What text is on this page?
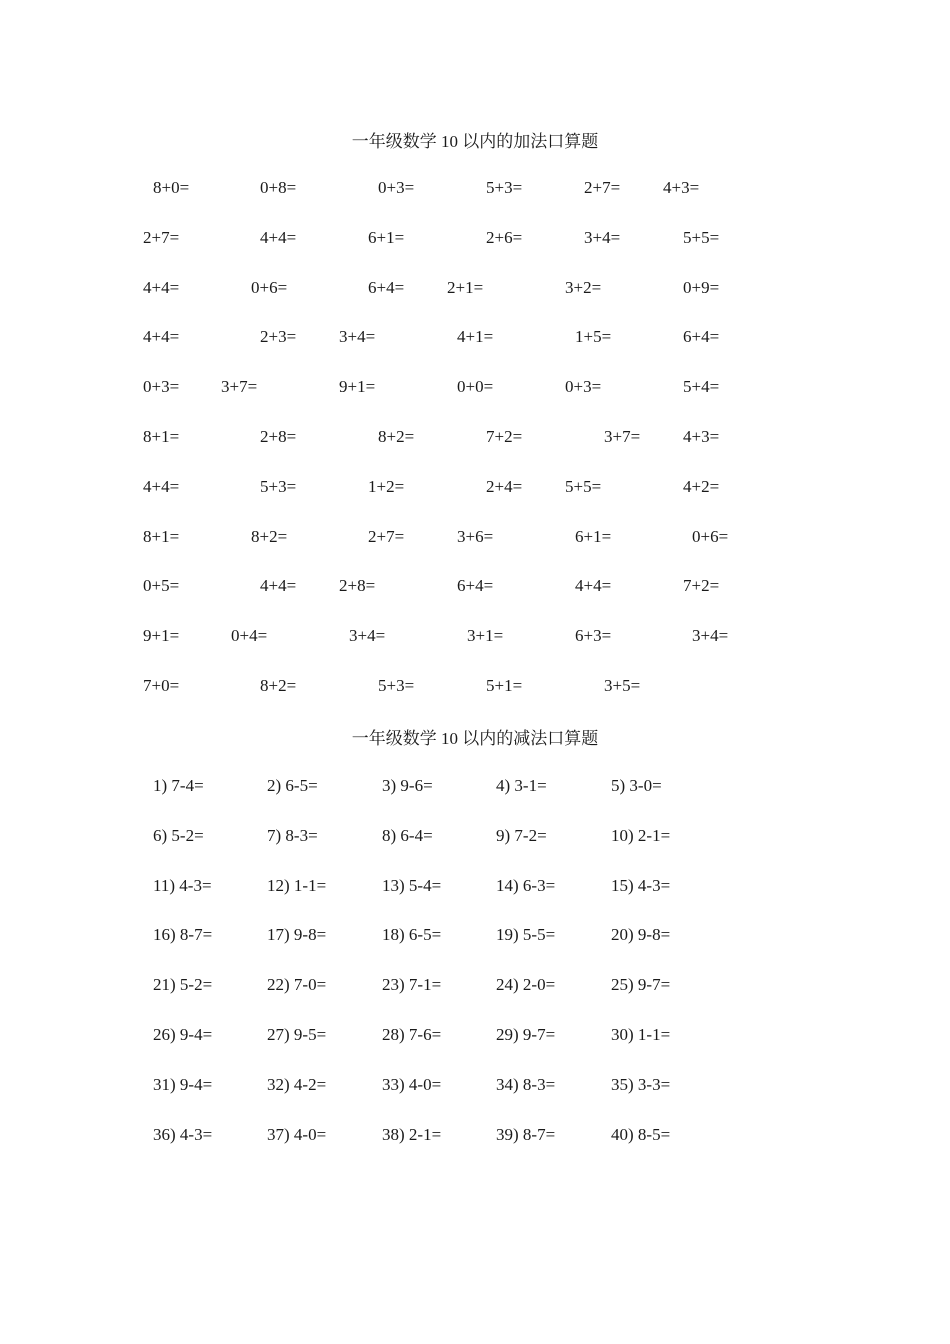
一年级数学 10 以内的加法口算题
8+0=	0+8=	0+3=	5+3=	2+7=	4+3=
2+7=	4+4=	6+1=	2+6=	3+4=	5+5=
4+4=	0+6=	6+4=	2+1=	3+2=	0+9=
4+4=	2+3=	3+4=	4+1=	1+5=	6+4=
0+3= 3+7=	9+1=	0+0=	0+3=	5+4=
8+1=	2+8=	8+2=	7+2=	3+7=	4+3=
4+4=	5+3=	1+2=	2+4=	5+5=	4+2=
8+1=	8+2=	2+7=	3+6=	6+1=	0+6=
0+5=	4+4=	2+8=	6+4=	4+4=	7+2=
9+1=	0+4=	3+4=	3+1=	6+3=	3+4=
7+0=	8+2=	5+3=	5+1=	3+5=
一年级数学 10 以内的减法口算题
1) 7-4=	2) 6-5=	3) 9-6=	4) 3-1=	5) 3-0=
6) 5-2=	7) 8-3=	8) 6-4=	9) 7-2=	10) 2-1=
11) 4-3=	12) 1-1=	13) 5-4=	14) 6-3=	15) 4-3=
16) 8-7=	17) 9-8=	18) 6-5=	19) 5-5=	20) 9-8=
21) 5-2=	22) 7-0=	23) 7-1=	24) 2-0=	25) 9-7=
26) 9-4=	27) 9-5=	28) 7-6=	29) 9-7=	30) 1-1=
31) 9-4=	32) 4-2=	33) 4-0=	34) 8-3=	35) 3-3=
36) 4-3=	37) 4-0=	38) 2-1=	39) 8-7=	40) 8-5=
